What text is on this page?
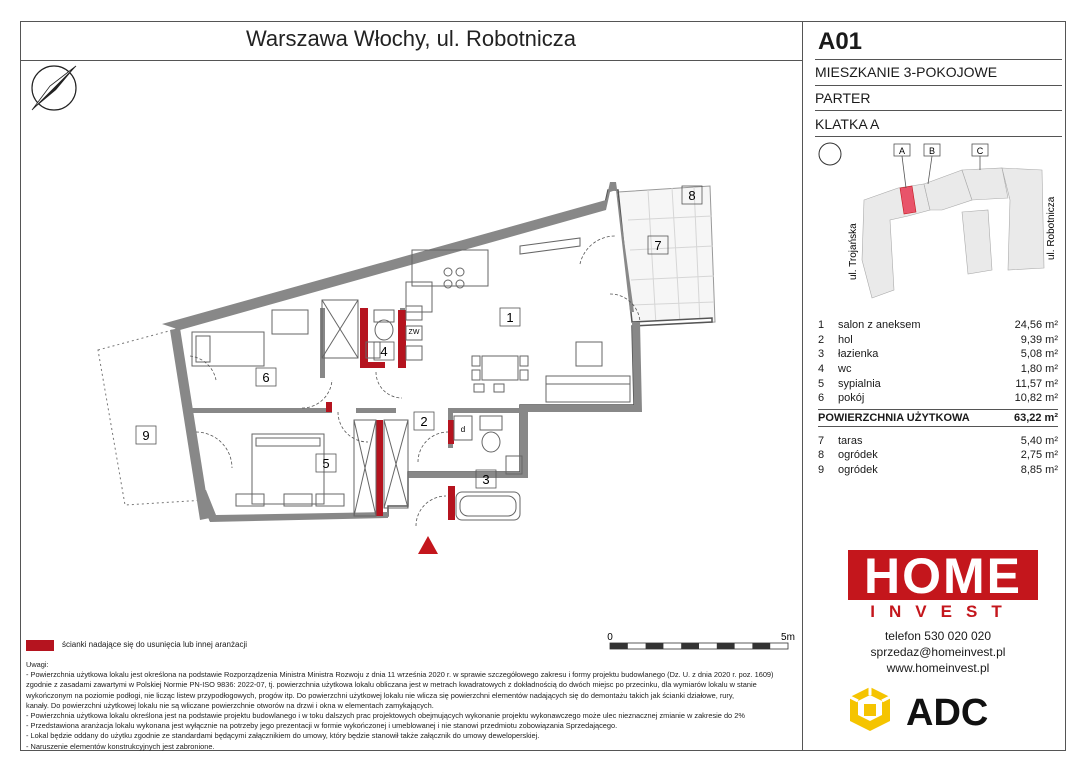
Warszawa Włochy, ul. Robotnicza	A01
MIESZKANIE 3-POKOJOWE
PARTER
KLATKA A
A	B	C
ul. Trojańska	ul. Robotnicza
1	salon z aneksem	24,56 m²
2	hol	9,39 m²
3	łazienka	5,08 m²
4	wc	1,80 m²
5	sypialnia	11,57 m²
6	pokój	10,82 m²
POWIERZCHNIA UŻYTKOWA	63,22 m²
7	taras	5,40 m²
8	ogródek	2,75 m²
9	ogródek	8,85 m²
HOME
INVEST
telefon 530 020 020
sprzedaz@homeinvest.pl
www.homeinvest.pl
ADC
ścianki nadające się do usunięcia lub innej aranżacji
0	5m
Uwagi:
- Powierzchnia użytkowa lokalu jest określona na podstawie Rozporządzenia Ministra Ministra Rozwoju z dnia 11 września 2020 r. w sprawie szczegółowego zakresu i formy projektu budowlanego (Dz. U. z dnia 2020 r. poz. 1609)
zgodnie z zasadami zawartymi w Polskiej Normie PN-ISO 9836: 2022-07, tj. powierzchnia użytkowa lokalu obliczana jest w metrach kwadratowych z dokładnością do dwóch miejsc po przecinku, dla wymiarów lokalu w stanie
wykończonym na poziomie podłogi, nie licząc listew przypodłogowych, progów itp. Do powierzchni użytkowej lokalu nie wlicza się powierzchni elementów nadających się do demontażu takich jak ścianki działowe, rury,
kanały. Do powierzchni użytkowej lokalu nie są wliczane powierzchnie otworów na drzwi i okna w elementach zamykających.
- Powierzchnia użytkowa lokalu określona jest na podstawie projektu budowlanego i w toku dalszych prac projektowych obejmujących wykonanie projektu wykonawczego może ulec nieznacznej zmianie w zakresie do 2%
- Przedstawiona aranżacja lokalu wykonana jest wyłącznie na potrzeby jego prezentacji w formie wykończonej i umeblowanej i nie stanowi przedmiotu zobowiązania Sprzedającego.
- Lokal będzie oddany do użytku zgodnie ze standardami będącymi załącznikiem do umowy, który będzie stanowił także załącznik do umowy deweloperskiej.
- Naruszenie elementów konstrukcyjnych jest zabronione.
1
2
3
4
5
6
7
8
9
ZW
d
